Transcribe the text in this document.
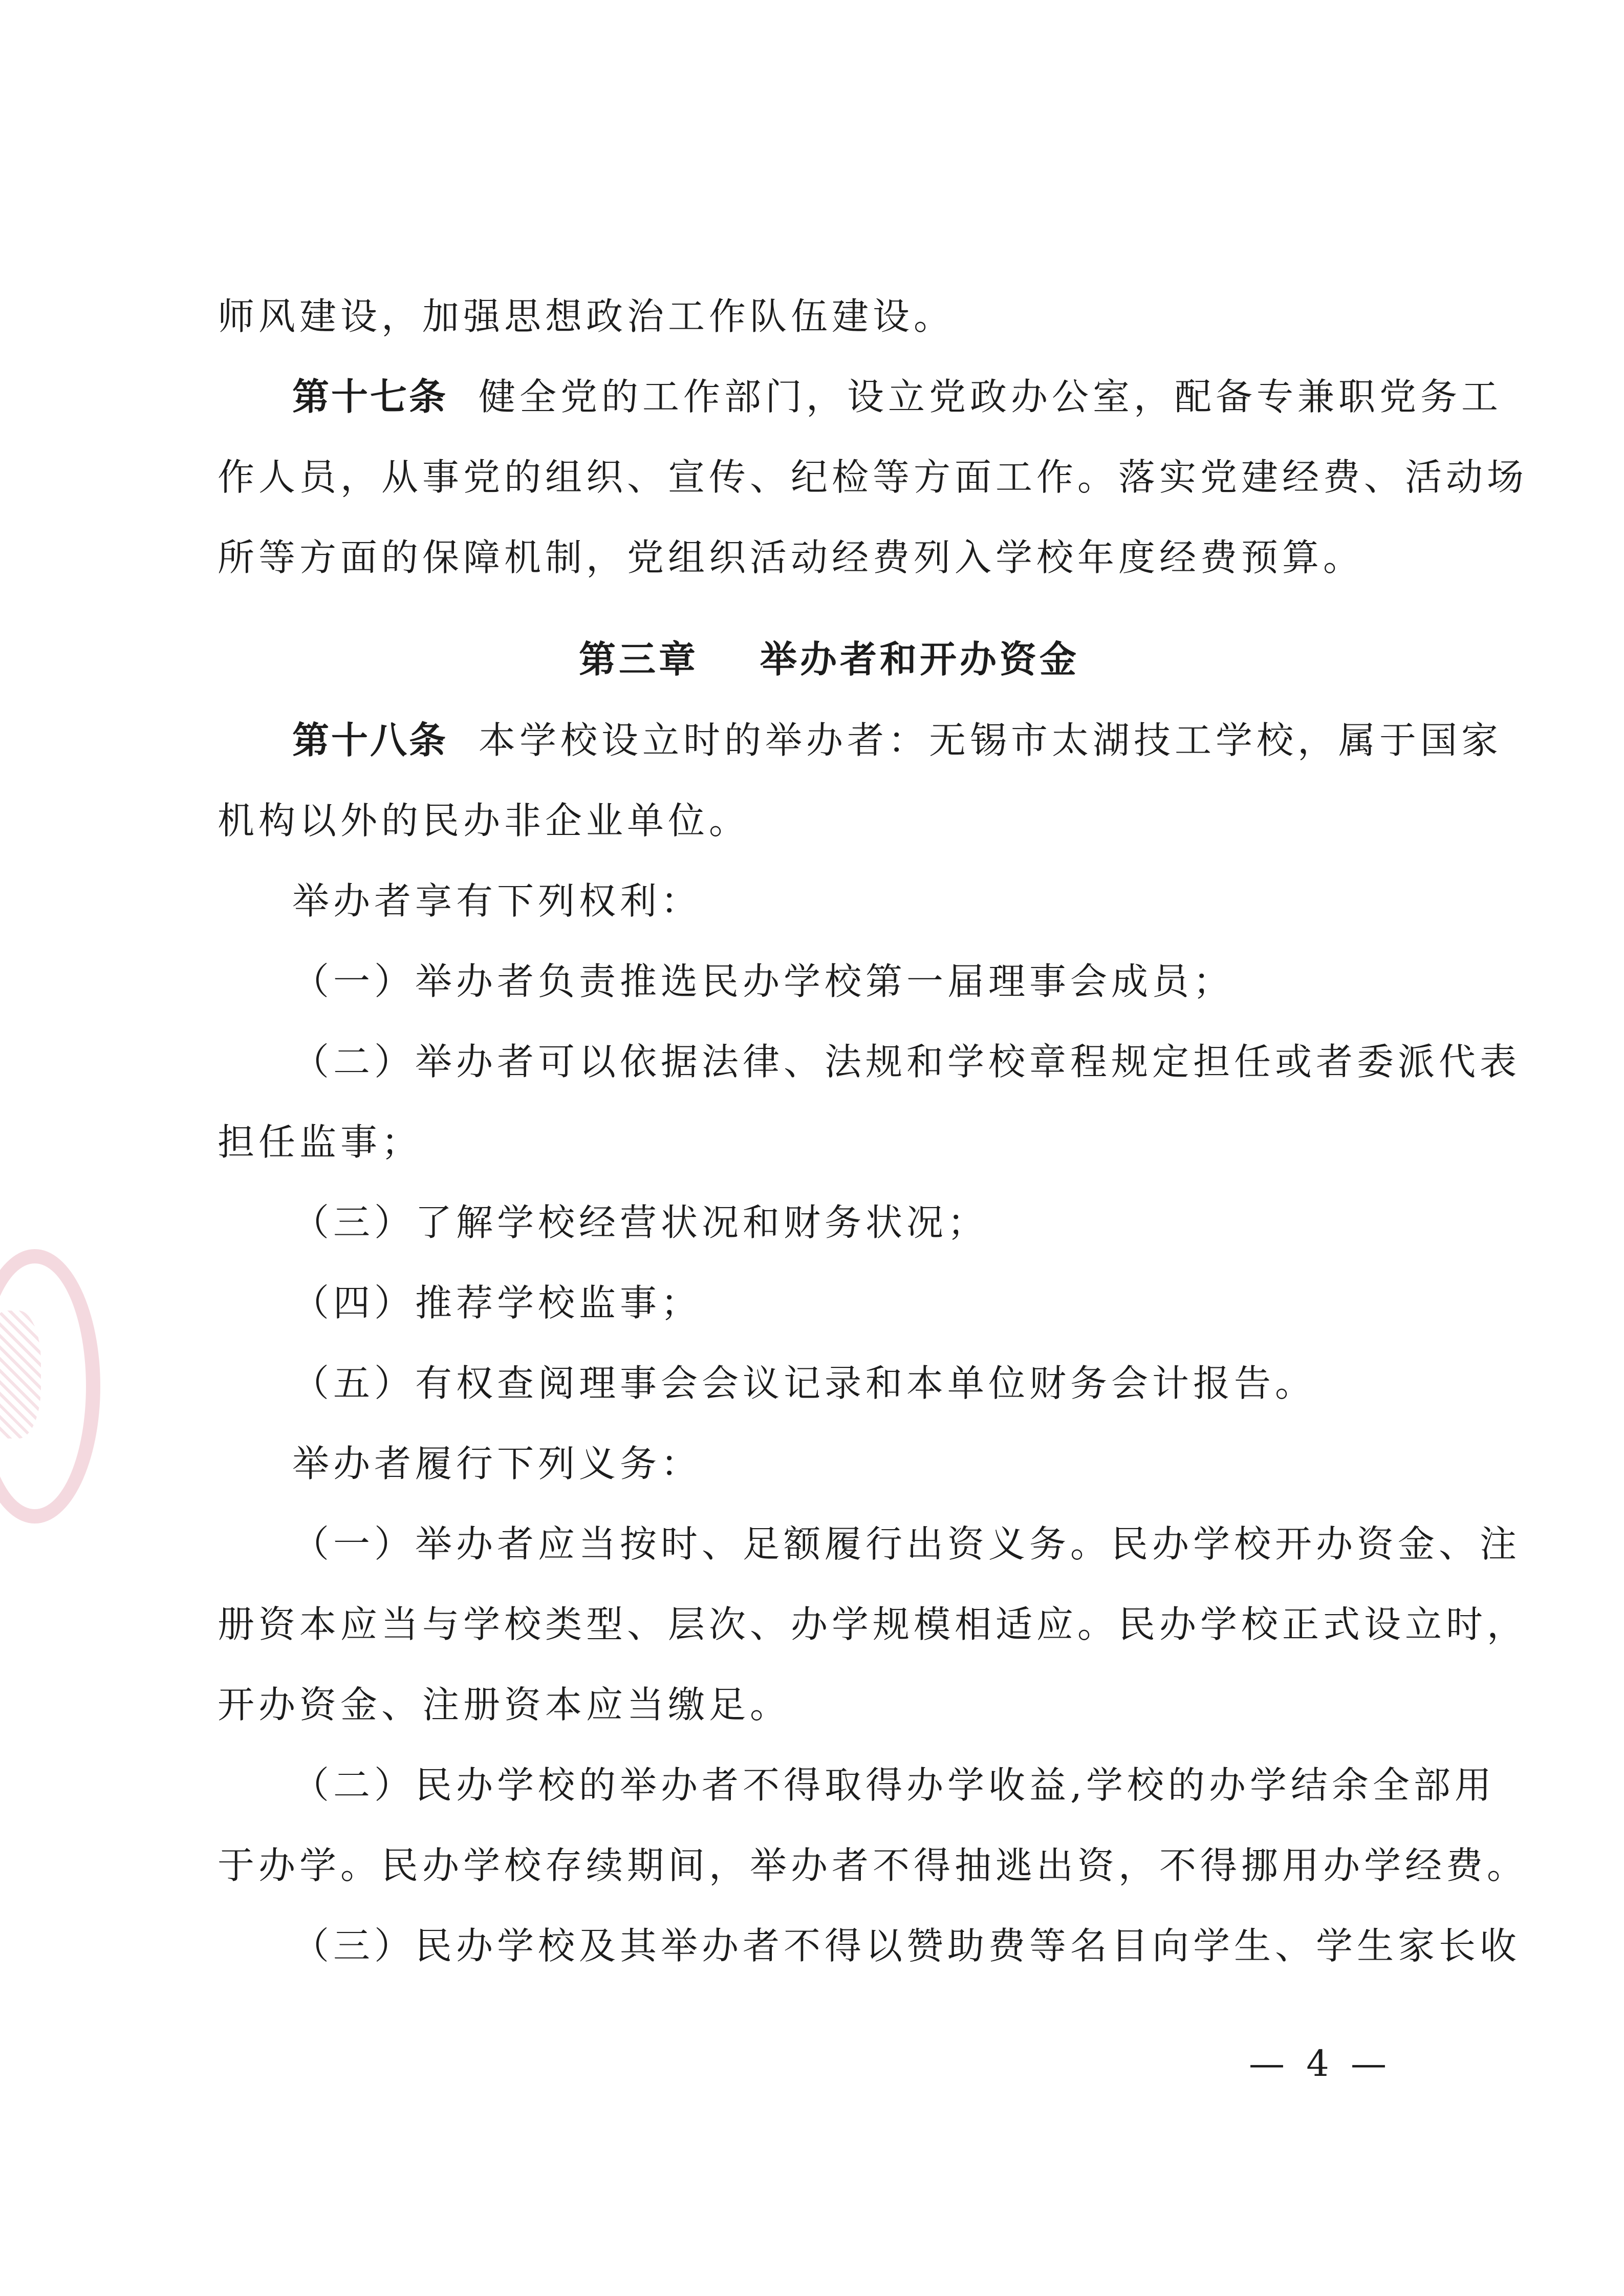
师风建设，加强思想政治工作队伍建设。
第十七条 健全党的工作部门，设立党政办公室，配备专兼职党务工
作人员，从事党的组织、宣传、纪检等方面工作。落实党建经费、活动场
所等方面的保障机制，党组织活动经费列入学校年度经费预算。
第三章 举办者和开办资金
第十八条 本学校设立时的举办者：无锡市太湖技工学校，属于国家
机构以外的民办非企业单位。
举办者享有下列权利：
（一）举办者负责推选民办学校第一届理事会成员；
（二）举办者可以依据法律、法规和学校章程规定担任或者委派代表
担任监事；
（三）了解学校经营状况和财务状况；
（四）推荐学校监事；
（五）有权查阅理事会会议记录和本单位财务会计报告。
举办者履行下列义务：
（一）举办者应当按时、足额履行出资义务。民办学校开办资金、注
册资本应当与学校类型、层次、办学规模相适应。民办学校正式设立时，
开办资金、注册资本应当缴足。
（二）民办学校的举办者不得取得办学收益,学校的办学结余全部用
于办学。民办学校存续期间，举办者不得抽逃出资，不得挪用办学经费。
（三）民办学校及其举办者不得以赞助费等名目向学生、学生家长收
— 4 —
